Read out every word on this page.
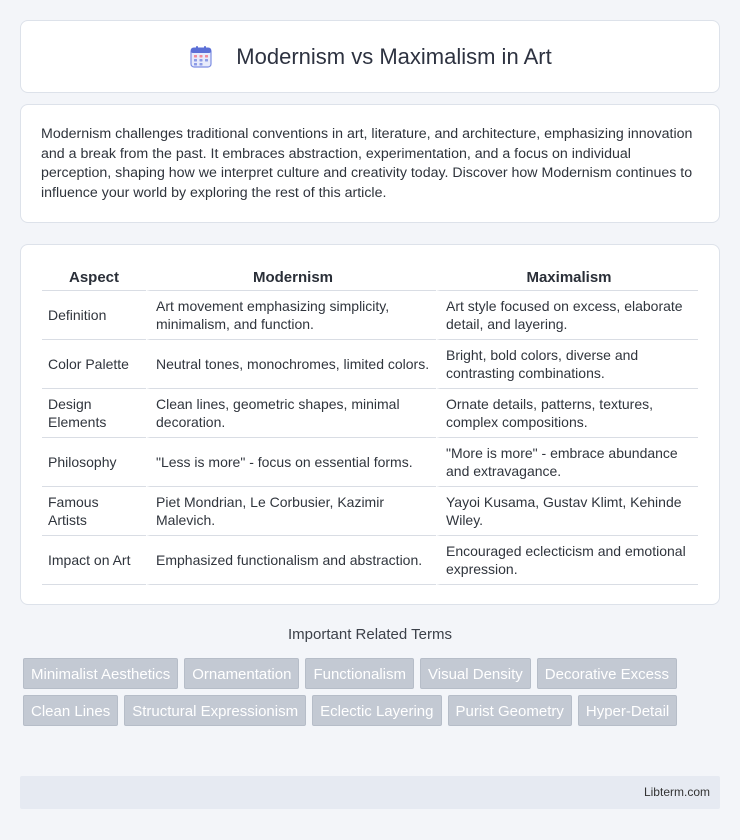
Modernism vs Maximalism in Art

Modernism challenges traditional conventions in art, literature, and architecture, emphasizing innovation and a break from the past. It embraces abstraction, experimentation, and a focus on individual perception, shaping how we interpret culture and creativity today. Discover how Modernism continues to influence your world by exploring the rest of this article.

Aspect	Modernism	Maximalism
Definition	Art movement emphasizing simplicity, minimalism, and function.	Art style focused on excess, elaborate detail, and layering.
Color Palette	Neutral tones, monochromes, limited colors.	Bright, bold colors, diverse and contrasting combinations.
Design Elements	Clean lines, geometric shapes, minimal decoration.	Ornate details, patterns, textures, complex compositions.
Philosophy	"Less is more" - focus on essential forms.	"More is more" - embrace abundance and extravagance.
Famous Artists	Piet Mondrian, Le Corbusier, Kazimir Malevich.	Yayoi Kusama, Gustav Klimt, Kehinde Wiley.
Impact on Art	Emphasized functionalism and abstraction.	Encouraged eclecticism and emotional expression.
Important Related Terms
Minimalist Aesthetics	Ornamentation	Functionalism	Visual Density	Decorative Excess
Clean Lines	Structural Expressionism	Eclectic Layering	Purist Geometry	Hyper-Detail
Libterm.com
